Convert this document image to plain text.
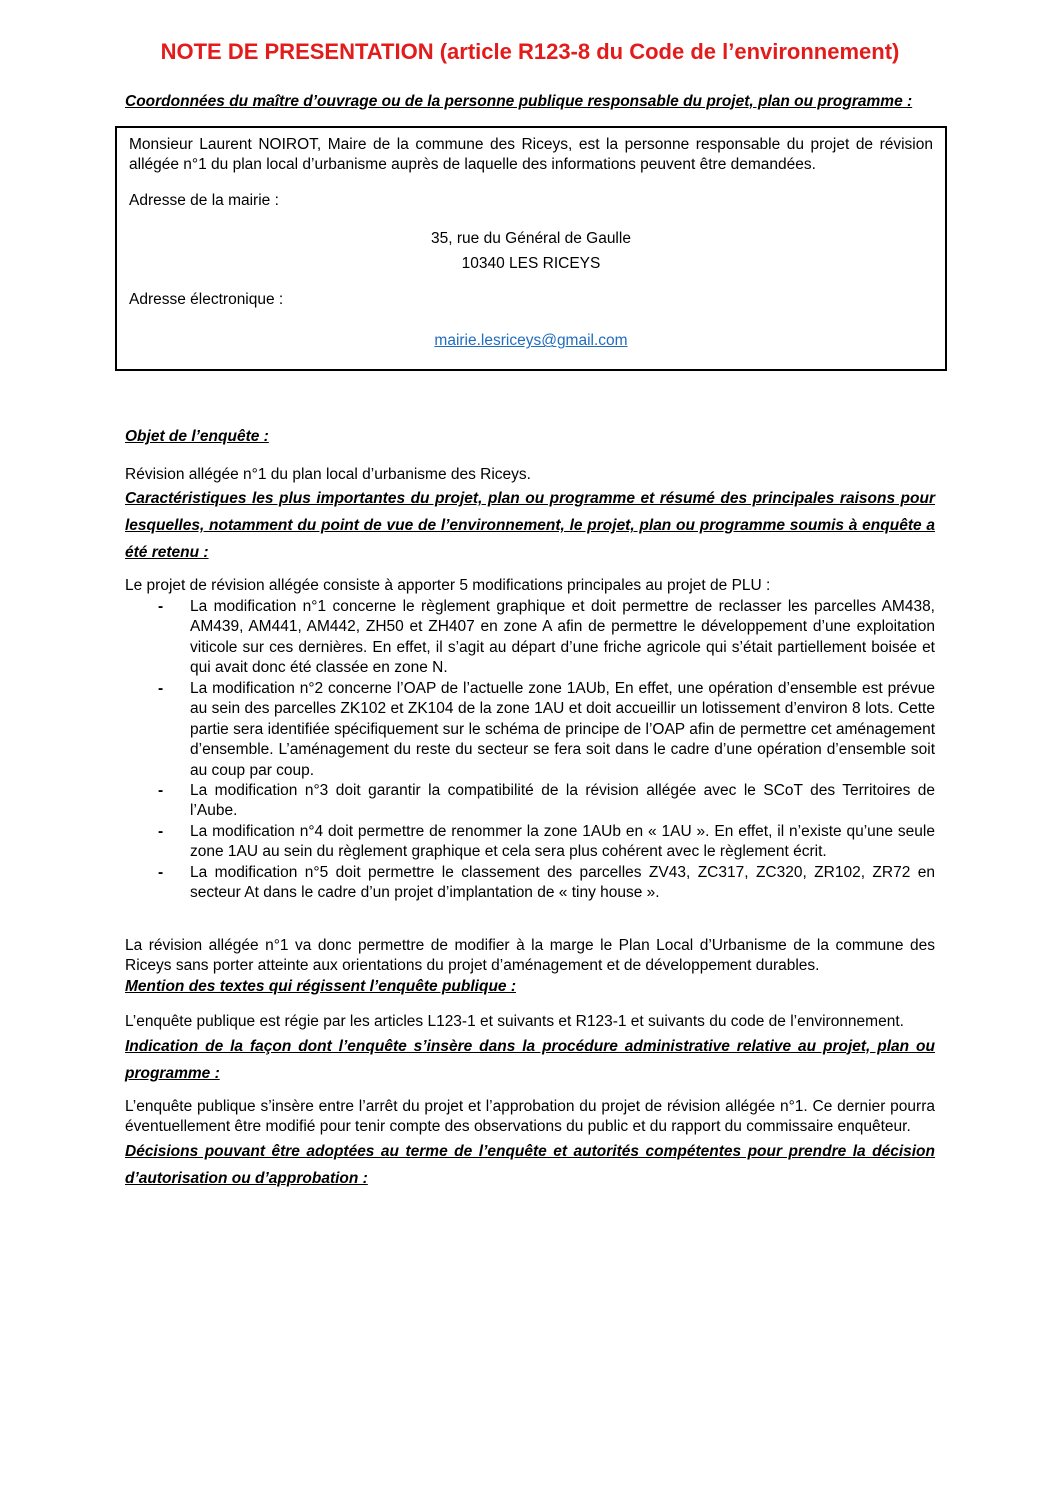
NOTE DE PRESENTATION (article R123-8 du Code de l’environnement)

Coordonnées du maître d’ouvrage ou de la personne publique responsable du projet, plan ou programme :

Monsieur Laurent NOIROT, Maire de la commune des Riceys, est la personne responsable du projet de révision allégée n°1 du plan local d’urbanisme auprès de laquelle des informations peuvent être demandées.

Adresse de la mairie :

35, rue du Général de Gaulle
10340 LES RICEYS

Adresse électronique :

mairie.lesriceys@gmail.com

Objet de l’enquête :

Révision allégée n°1 du plan local d’urbanisme des Riceys.

Caractéristiques les plus importantes du projet, plan ou programme et résumé des principales raisons pour lesquelles, notamment du point de vue de l’environnement, le projet, plan ou programme soumis à enquête a été retenu :

Le projet de révision allégée consiste à apporter 5 modifications principales au projet de PLU :

- La modification n°1 concerne le règlement graphique et doit permettre de reclasser les parcelles AM438, AM439, AM441, AM442, ZH50 et ZH407 en zone A afin de permettre le développement d’une exploitation viticole sur ces dernières. En effet, il s’agit au départ d’une friche agricole qui s’était partiellement boisée et qui avait donc été classée en zone N.
- La modification n°2 concerne l’OAP de l’actuelle zone 1AUb, En effet, une opération d’ensemble est prévue au sein des parcelles ZK102 et ZK104 de la zone 1AU et doit accueillir un lotissement d’environ 8 lots. Cette partie sera identifiée spécifiquement sur le schéma de principe de l’OAP afin de permettre cet aménagement d’ensemble. L’aménagement du reste du secteur se fera soit dans le cadre d’une opération d’ensemble soit au coup par coup.
- La modification n°3 doit garantir la compatibilité de la révision allégée avec le SCoT des Territoires de l’Aube.
- La modification n°4 doit permettre de renommer la zone 1AUb en « 1AU ». En effet, il n’existe qu’une seule zone 1AU au sein du règlement graphique et cela sera plus cohérent avec le règlement écrit.
- La modification n°5 doit permettre le classement des parcelles ZV43, ZC317, ZC320, ZR102, ZR72 en secteur At dans le cadre d’un projet d’implantation de « tiny house ».

La révision allégée n°1 va donc permettre de modifier à la marge le Plan Local d’Urbanisme de la commune des Riceys sans porter atteinte aux orientations du projet d’aménagement et de développement durables.

Mention des textes qui régissent l’enquête publique :

L’enquête publique est régie par les articles L123-1 et suivants et R123-1 et suivants du code de l’environnement.

Indication de la façon dont l’enquête s’insère dans la procédure administrative relative au projet, plan ou programme :

L’enquête publique s’insère entre l’arrêt du projet et l’approbation du projet de révision allégée n°1. Ce dernier pourra éventuellement être modifié pour tenir compte des observations du public et du rapport du commissaire enquêteur.

Décisions pouvant être adoptées au terme de l’enquête et autorités compétentes pour prendre la décision d’autorisation ou d’approbation :
